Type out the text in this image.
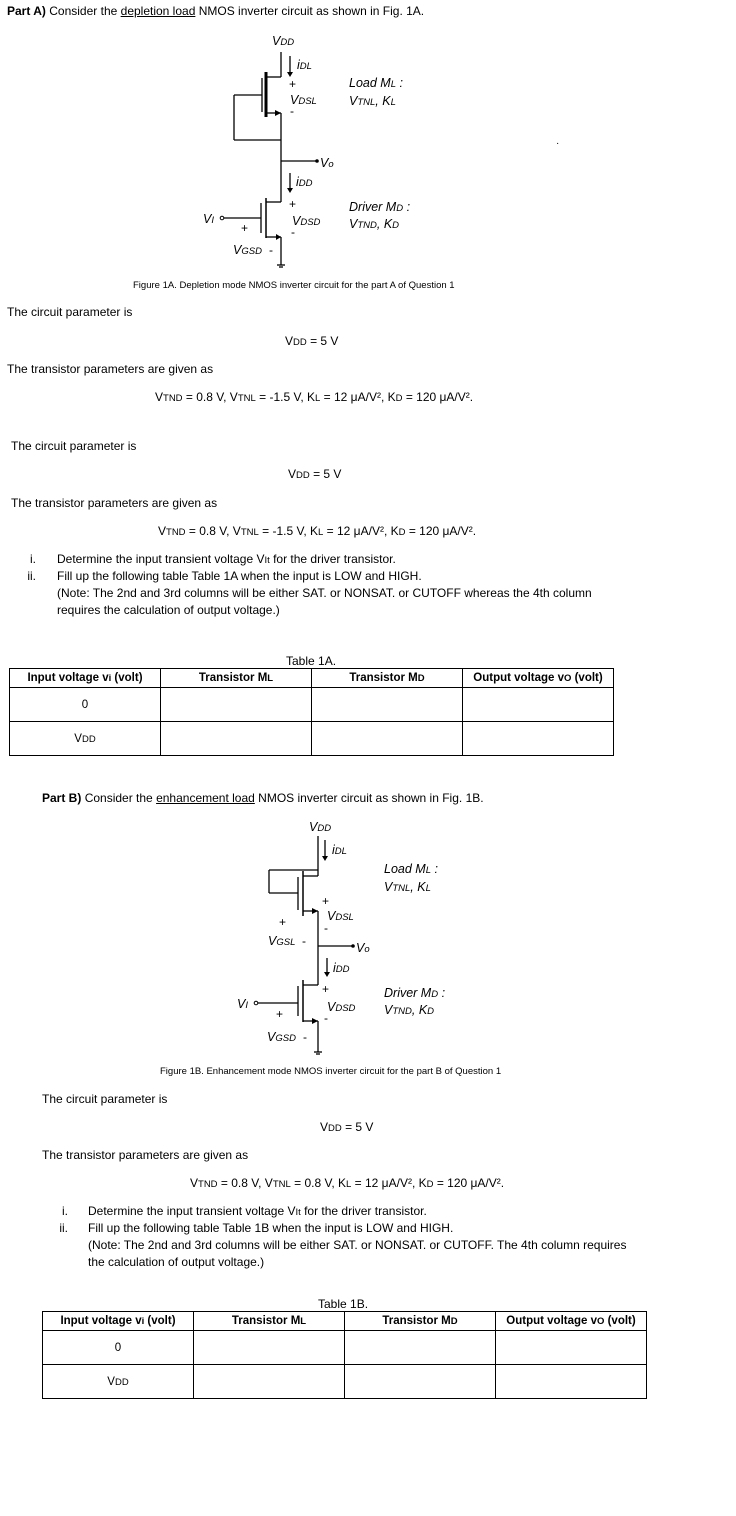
Part A) Consider the depletion load NMOS inverter circuit as shown in Fig. 1A.
VDD
iDL
+
VDSL
-
Load ML :
VTNL, KL
Vo
iDD
+
VDSD
-
Driver MD :
VTND, KD
VI
+
VGSD -
·
Figure 1A. Depletion mode NMOS inverter circuit for the part A of Question 1
The circuit parameter is
VDD = 5 V
The transistor parameters are given as
VTND = 0.8 V, VTNL = -1.5 V, KL = 12 μA/V², KD = 120 μA/V².
The circuit parameter is
VDD = 5 V
The transistor parameters are given as
VTND = 0.8 V, VTNL = -1.5 V, KL = 12 μA/V², KD = 120 μA/V².
i. Determine the input transient voltage VIt for the driver transistor.
ii. Fill up the following table Table 1A when the input is LOW and HIGH.
(Note: The 2nd and 3rd columns will be either SAT. or NONSAT. or CUTOFF whereas the 4th column
requires the calculation of output voltage.)
Table 1A.
Input voltage vi (volt)	Transistor ML	Transistor MD	Output voltage vO (volt)
0			
VDD			
Part B) Consider the enhancement load NMOS inverter circuit as shown in Fig. 1B.
VDD
iDL
Load ML :
VTNL, KL
+
VDSL
-
+
VGSL -	Vo
iDD
+
VDSD
-
Driver MD :
VTND, KD
VI
+
VGSD -
Figure 1B. Enhancement mode NMOS inverter circuit for the part B of Question 1
The circuit parameter is
VDD = 5 V
The transistor parameters are given as
VTND = 0.8 V, VTNL = 0.8 V, KL = 12 μA/V², KD = 120 μA/V².
i. Determine the input transient voltage VIt for the driver transistor.
ii. Fill up the following table Table 1B when the input is LOW and HIGH.
(Note: The 2nd and 3rd columns will be either SAT. or NONSAT. or CUTOFF. The 4th column requires
the calculation of output voltage.)
Table 1B.
Input voltage vi (volt)	Transistor ML	Transistor MD	Output voltage vO (volt)
0			
VDD			
